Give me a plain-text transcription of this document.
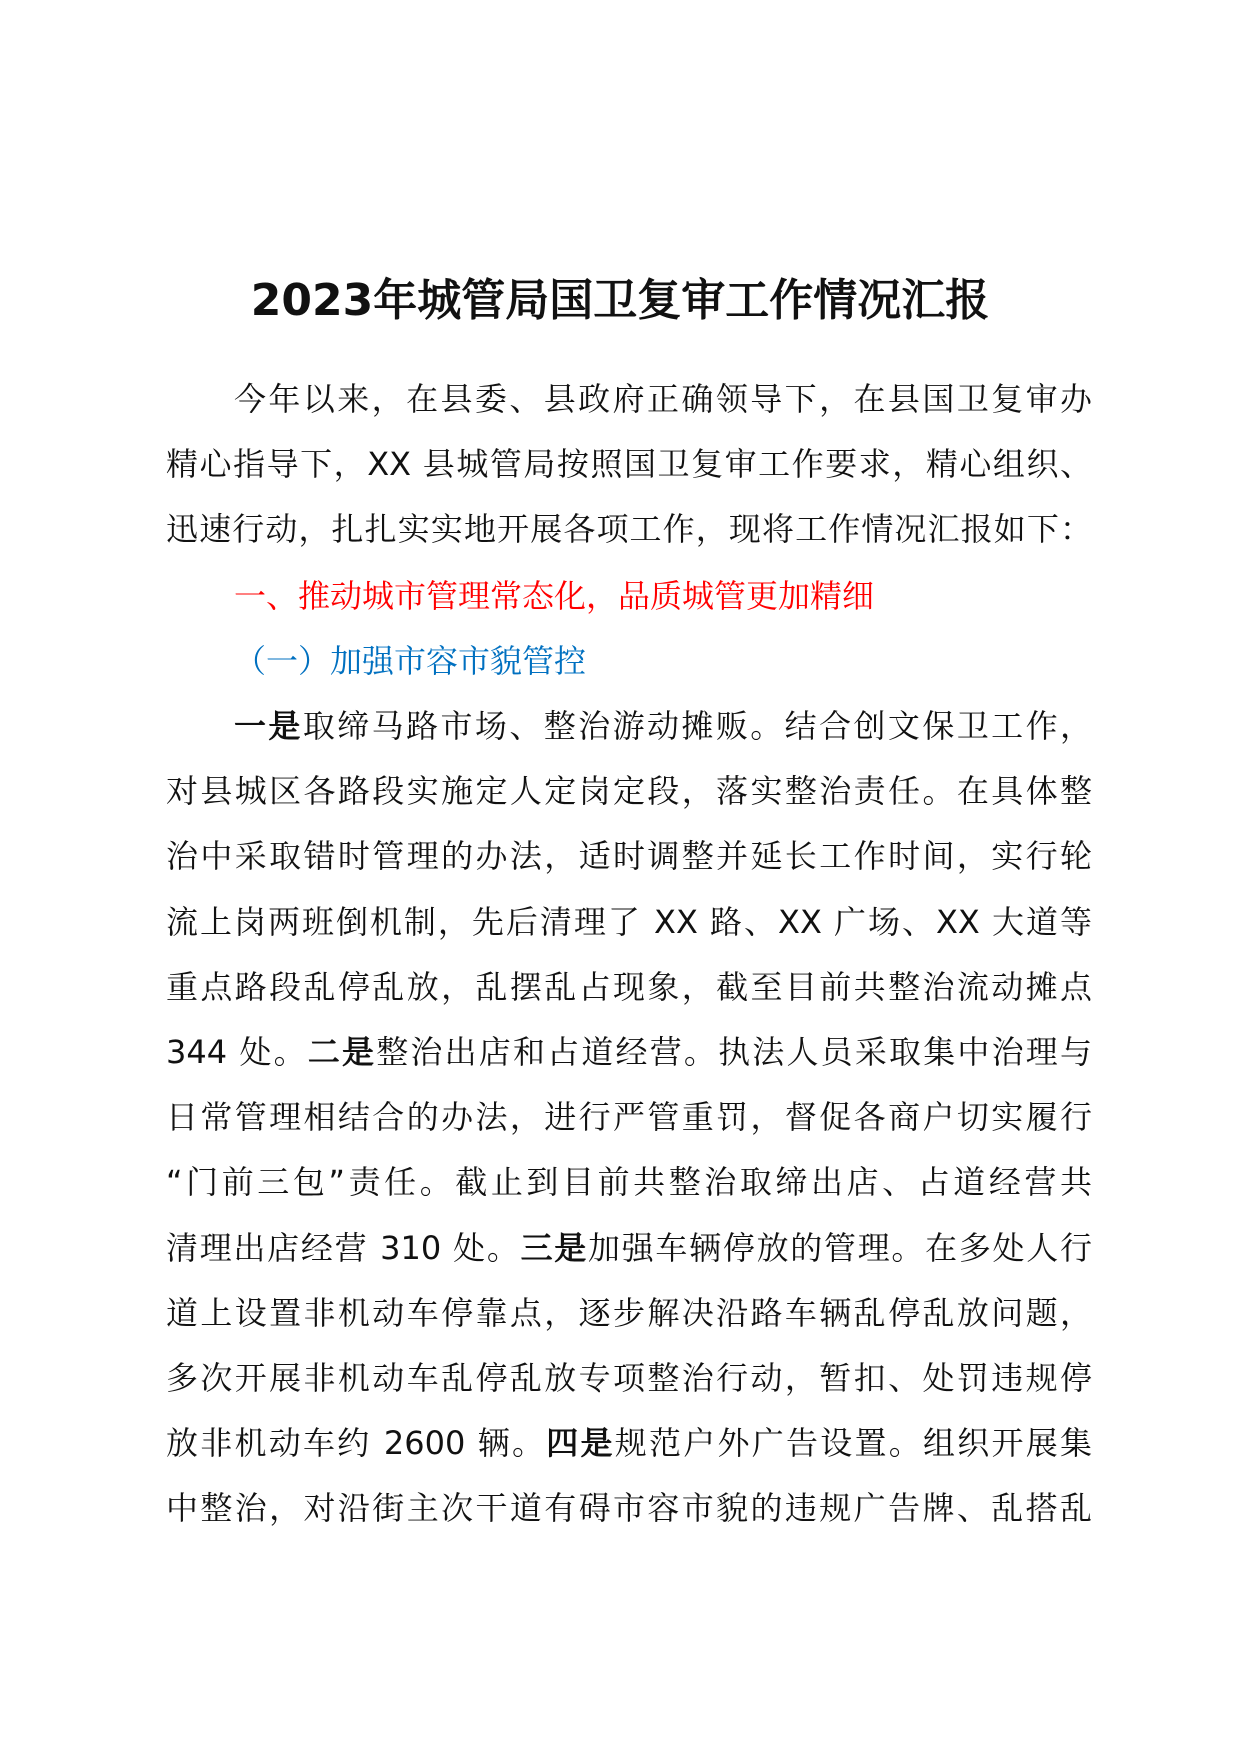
2023年城管局国卫复审工作情况汇报
今年以来，在县委、县政府正确领导下，在县国卫复审办
精心指导下，XX 县城管局按照国卫复审工作要求，精心组织、
迅速行动，扎扎实实地开展各项工作，现将工作情况汇报如下：
一、推动城市管理常态化，品质城管更加精细
（一）加强市容市貌管控
一是取缔马路市场、整治游动摊贩。结合创文保卫工作，
对县城区各路段实施定人定岗定段，落实整治责任。在具体整
治中采取错时管理的办法，适时调整并延长工作时间，实行轮
流上岗两班倒机制，先后清理了 XX 路、XX 广场、XX 大道等
重点路段乱停乱放，乱摆乱占现象，截至目前共整治流动摊点
344 处。二是整治出店和占道经营。执法人员采取集中治理与
日常管理相结合的办法，进行严管重罚，督促各商户切实履行
“门前三包”责任。截止到目前共整治取缔出店、占道经营共
清理出店经营 310 处。三是加强车辆停放的管理。在多处人行
道上设置非机动车停靠点，逐步解决沿路车辆乱停乱放问题，
多次开展非机动车乱停乱放专项整治行动，暂扣、处罚违规停
放非机动车约 2600 辆。四是规范户外广告设置。组织开展集
中整治，对沿街主次干道有碍市容市貌的违规广告牌、乱搭乱
